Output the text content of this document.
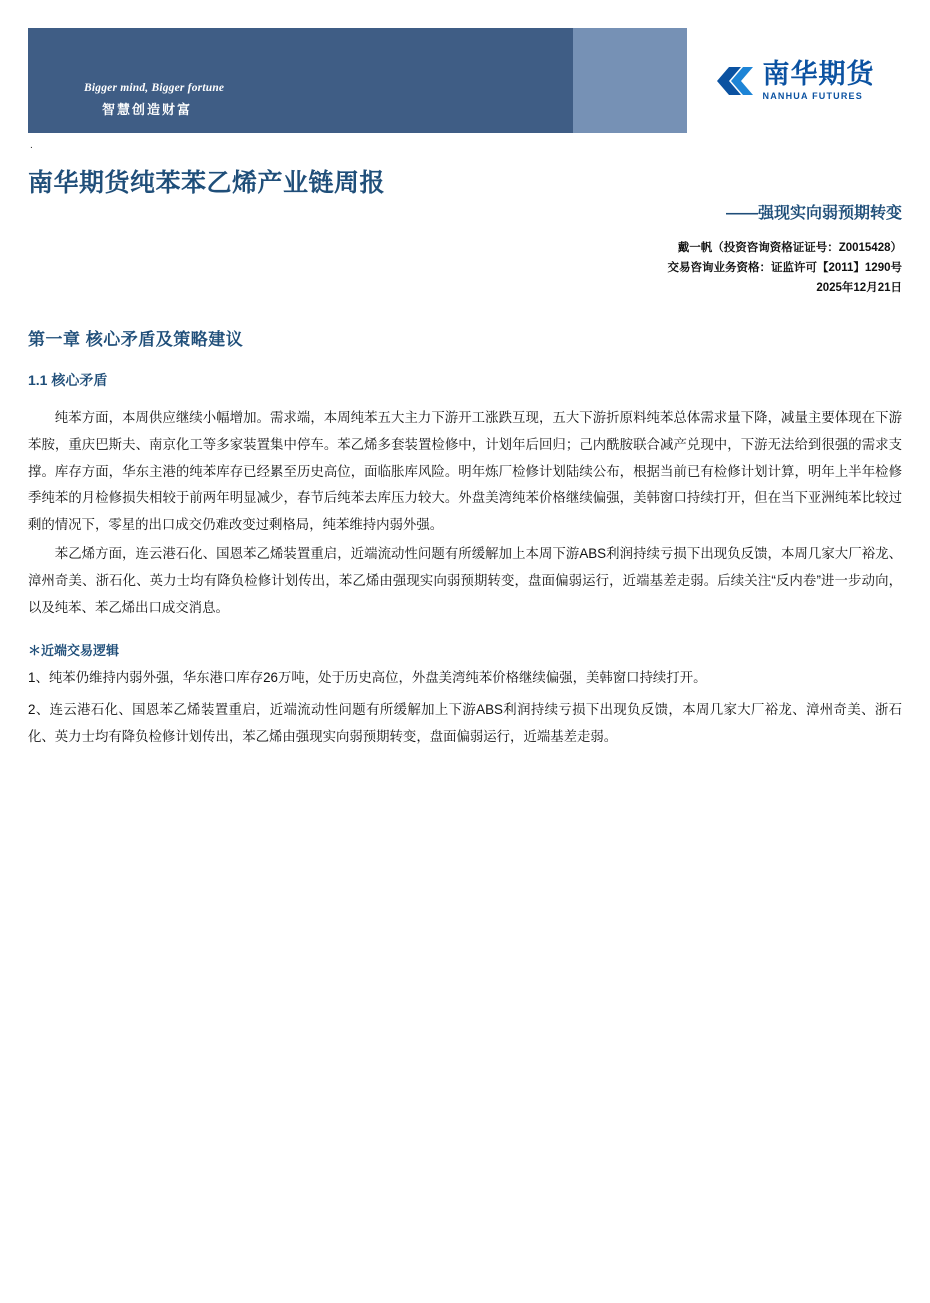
Bigger mind, Bigger fortune
智慧创造财富
南华期货
NANHUA FUTURES
.
南华期货纯苯苯乙烯产业链周报
——强现实向弱预期转变
戴一帆（投资咨询资格证证号：Z0015428）
交易咨询业务资格：证监许可【2011】1290号
2025年12月21日
第一章 核心矛盾及策略建议
1.1 核心矛盾

纯苯方面，本周供应继续小幅增加。需求端，本周纯苯五大主力下游开工涨跌互现，五大下游折原料纯苯总体需求量下降，减量主要体现在下游苯胺，重庆巴斯夫、南京化工等多家装置集中停车。苯乙烯多套装置检修中，计划年后回归；己内酰胺联合减产兑现中，下游无法给到很强的需求支撑。库存方面，华东主港的纯苯库存已经累至历史高位，面临胀库风险。明年炼厂检修计划陆续公布，根据当前已有检修计划计算，明年上半年检修季纯苯的月检修损失相较于前两年明显减少，春节后纯苯去库压力较大。外盘美湾纯苯价格继续偏强，美韩窗口持续打开，但在当下亚洲纯苯比较过剩的情况下，零星的出口成交仍难改变过剩格局，纯苯维持内弱外强。

苯乙烯方面，连云港石化、国恩苯乙烯装置重启，近端流动性问题有所缓解加上本周下游ABS利润持续亏损下出现负反馈，本周几家大厂裕龙、漳州奇美、浙石化、英力士均有降负检修计划传出，苯乙烯由强现实向弱预期转变，盘面偏弱运行，近端基差走弱。后续关注“反内卷”进一步动向，以及纯苯、苯乙烯出口成交消息。

＊近端交易逻辑

1、纯苯仍维持内弱外强，华东港口库存26万吨，处于历史高位，外盘美湾纯苯价格继续偏强，美韩窗口持续打开。

2、连云港石化、国恩苯乙烯装置重启，近端流动性问题有所缓解加上下游ABS利润持续亏损下出现负反馈，本周几家大厂裕龙、漳州奇美、浙石化、英力士均有降负检修计划传出，苯乙烯由强现实向弱预期转变，盘面偏弱运行，近端基差走弱。
